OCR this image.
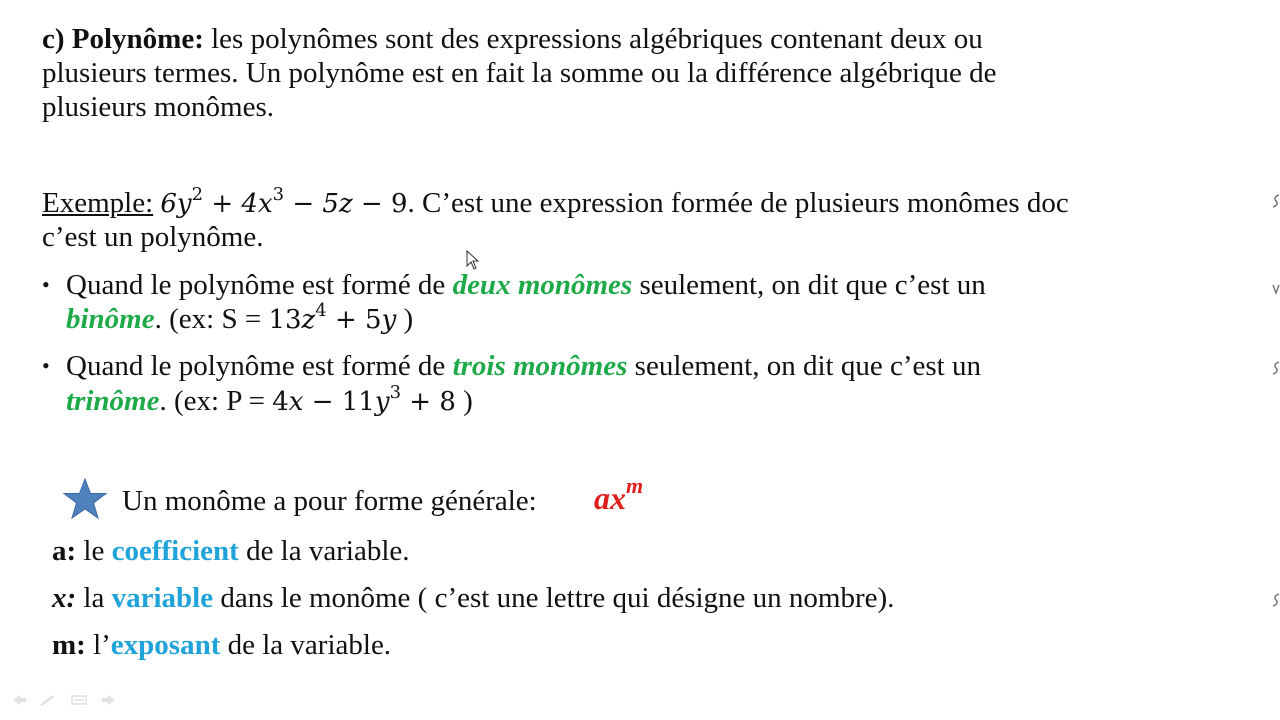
c) Polynôme: les polynômes sont des expressions algébriques contenant deux ou
plusieurs termes. Un polynôme est en fait la somme ou la différence algébrique de
plusieurs monômes.
Exemple: $6y^2 + 4x^3 - 5z - 9$. C’est une expression formée de plusieurs monômes doc
c’est un polynôme.
• Quand le polynôme est formé de deux monômes seulement, on dit que c’est un
binôme. (ex: $S = 13z^4 + 5y$ )
• Quand le polynôme est formé de trois monômes seulement, on dit que c’est un
trinôme. (ex: $P = 4x - 11y^3 + 8$ )
Un monôme a pour forme générale: $ax^m$
a: le coefficient de la variable.
x: la variable dans le monôme ( c’est une lettre qui désigne un nombre).
m: l’exposant de la variable.
